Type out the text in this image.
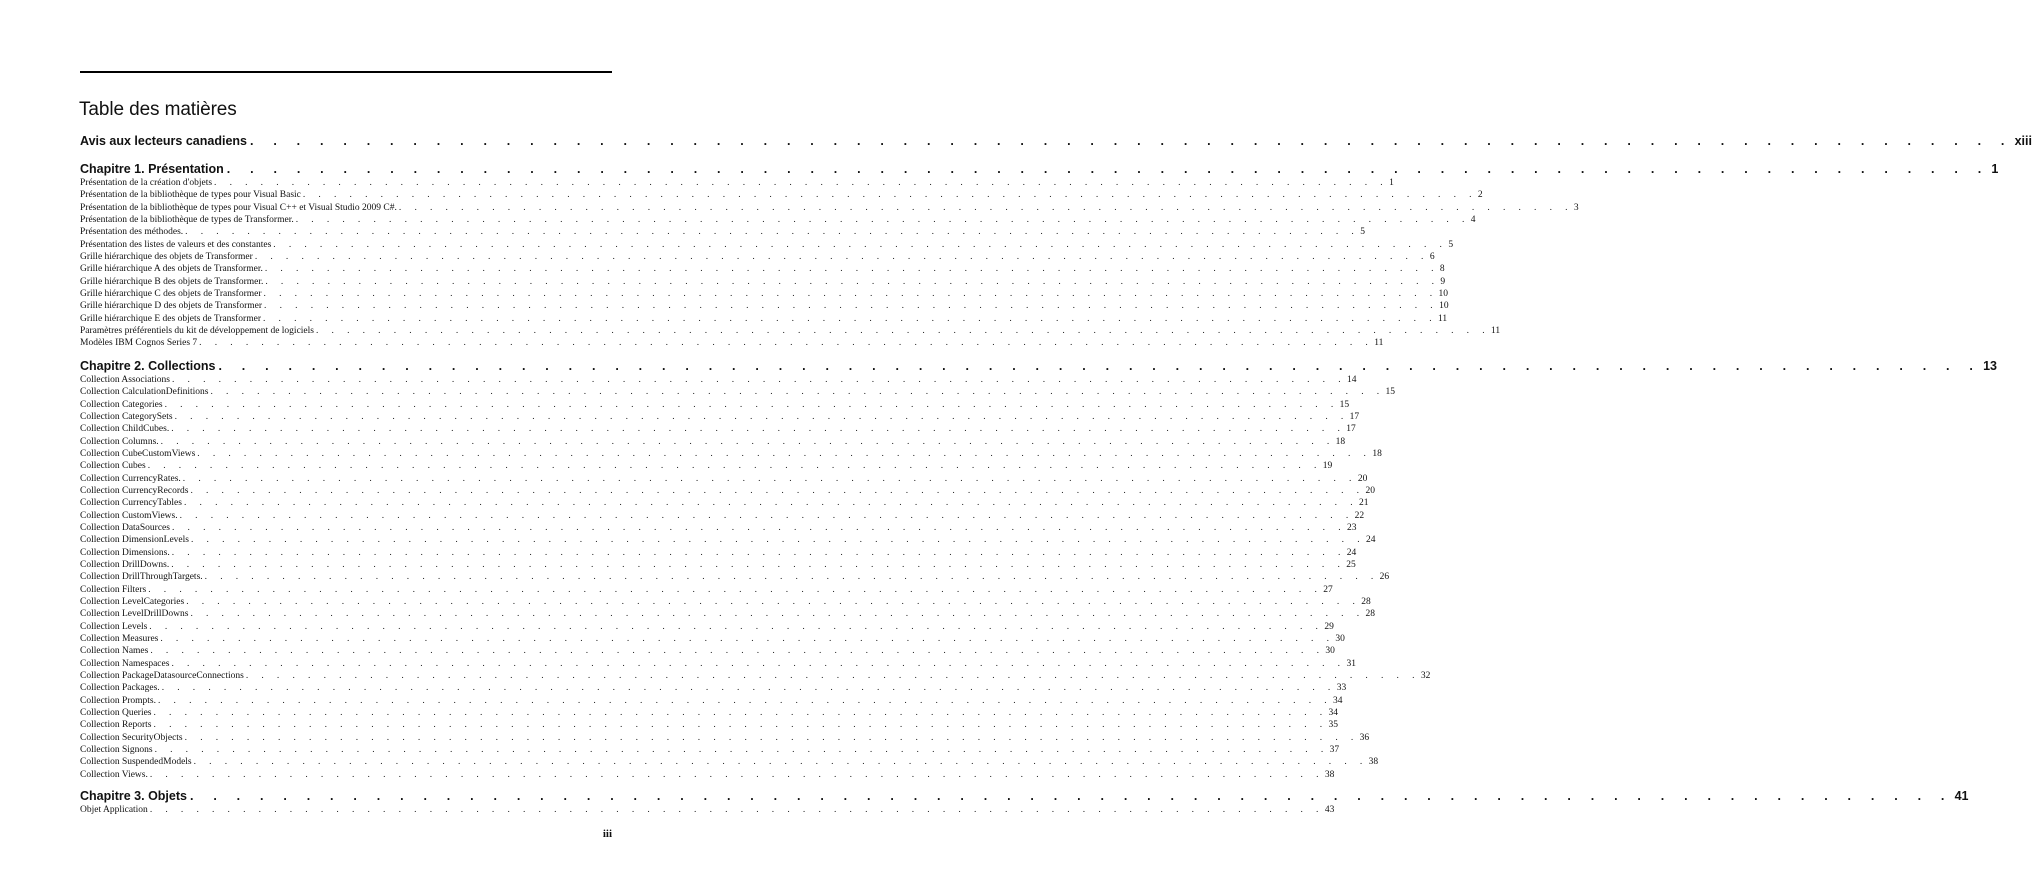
Table des matières
Avis aux lecteurs canadiens . . . . . . . . . . . . . . . . . . . . . . . . . . . . . . . . . . . . . . . . . . . . . . . . . . . . . . . . . . . . . . . . . . . . . . . . . . . . xiii
Chapitre 1. Présentation . . . . . . . . . . . . . . . . . . . . . . . . . . . . . . . . . . . . . . . . . . . . . . . . . . . . . . . . . . . . . . . . . . . . . . . . . . . . 1
Présentation de la création d'objets . . . . . . . . . . . . . . . . . . . . . . . . . . . . . . . . . . . . . . . . . . . . . . . . . . . . . . . . . . . . . . . . . . . . . . . . . . . . 1
Présentation de la bibliothèque de types pour Visual Basic . . . . . . . . . . . . . . . . . . . . . . . . . . . . . . . . . . . . . . . . . . . . . . . . . . . . . . . . . . . . . . . . . . . . . . . . . . . . 2
Présentation de la bibliothèque de types pour Visual C++ et Visual Studio 2009 C#. . . . . . . . . . . . . . . . . . . . . . . . . . . . . . . . . . . . . . . . . . . . . . . . . . . . . . . . . . . . . . . . . . . . . . . . . . . . . 3
Présentation de la bibliothèque de types de Transformer. . . . . . . . . . . . . . . . . . . . . . . . . . . . . . . . . . . . . . . . . . . . . . . . . . . . . . . . . . . . . . . . . . . . . . . . . . . . . 4
Présentation des méthodes. . . . . . . . . . . . . . . . . . . . . . . . . . . . . . . . . . . . . . . . . . . . . . . . . . . . . . . . . . . . . . . . . . . . . . . . . . . . . 5
Présentation des listes de valeurs et des constantes . . . . . . . . . . . . . . . . . . . . . . . . . . . . . . . . . . . . . . . . . . . . . . . . . . . . . . . . . . . . . . . . . . . . . . . . . . . . 5
Grille hiérarchique des objets de Transformer . . . . . . . . . . . . . . . . . . . . . . . . . . . . . . . . . . . . . . . . . . . . . . . . . . . . . . . . . . . . . . . . . . . . . . . . . . . . 6
Grille hiérarchique A des objets de Transformer. . . . . . . . . . . . . . . . . . . . . . . . . . . . . . . . . . . . . . . . . . . . . . . . . . . . . . . . . . . . . . . . . . . . . . . . . . . . . 8
Grille hiérarchique B des objets de Transformer. . . . . . . . . . . . . . . . . . . . . . . . . . . . . . . . . . . . . . . . . . . . . . . . . . . . . . . . . . . . . . . . . . . . . . . . . . . . . 9
Grille hiérarchique C des objets de Transformer . . . . . . . . . . . . . . . . . . . . . . . . . . . . . . . . . . . . . . . . . . . . . . . . . . . . . . . . . . . . . . . . . . . . . . . . . . . . 10
Grille hiérarchique D des objets de Transformer . . . . . . . . . . . . . . . . . . . . . . . . . . . . . . . . . . . . . . . . . . . . . . . . . . . . . . . . . . . . . . . . . . . . . . . . . . . . 10
Grille hiérarchique E des objets de Transformer . . . . . . . . . . . . . . . . . . . . . . . . . . . . . . . . . . . . . . . . . . . . . . . . . . . . . . . . . . . . . . . . . . . . . . . . . . . . 11
Paramètres préférentiels du kit de développement de logiciels . . . . . . . . . . . . . . . . . . . . . . . . . . . . . . . . . . . . . . . . . . . . . . . . . . . . . . . . . . . . . . . . . . . . . . . . . . . . 11
Modèles IBM Cognos Series 7 . . . . . . . . . . . . . . . . . . . . . . . . . . . . . . . . . . . . . . . . . . . . . . . . . . . . . . . . . . . . . . . . . . . . . . . . . . . . 11
Chapitre 2. Collections . . . . . . . . . . . . . . . . . . . . . . . . . . . . . . . . . . . . . . . . . . . . . . . . . . . . . . . . . . . . . . . . . . . . . . . . . . . . 13
Collection Associations . . . . . . . . . . . . . . . . . . . . . . . . . . . . . . . . . . . . . . . . . . . . . . . . . . . . . . . . . . . . . . . . . . . . . . . . . . . . 14
Collection CalculationDefinitions . . . . . . . . . . . . . . . . . . . . . . . . . . . . . . . . . . . . . . . . . . . . . . . . . . . . . . . . . . . . . . . . . . . . . . . . . . . . 15
Collection Categories . . . . . . . . . . . . . . . . . . . . . . . . . . . . . . . . . . . . . . . . . . . . . . . . . . . . . . . . . . . . . . . . . . . . . . . . . . . . 15
Collection CategorySets . . . . . . . . . . . . . . . . . . . . . . . . . . . . . . . . . . . . . . . . . . . . . . . . . . . . . . . . . . . . . . . . . . . . . . . . . . . . 17
Collection ChildCubes. . . . . . . . . . . . . . . . . . . . . . . . . . . . . . . . . . . . . . . . . . . . . . . . . . . . . . . . . . . . . . . . . . . . . . . . . . . . . 17
Collection Columns. . . . . . . . . . . . . . . . . . . . . . . . . . . . . . . . . . . . . . . . . . . . . . . . . . . . . . . . . . . . . . . . . . . . . . . . . . . . . 18
Collection CubeCustomViews . . . . . . . . . . . . . . . . . . . . . . . . . . . . . . . . . . . . . . . . . . . . . . . . . . . . . . . . . . . . . . . . . . . . . . . . . . . . 18
Collection Cubes . . . . . . . . . . . . . . . . . . . . . . . . . . . . . . . . . . . . . . . . . . . . . . . . . . . . . . . . . . . . . . . . . . . . . . . . . . . . 19
Collection CurrencyRates. . . . . . . . . . . . . . . . . . . . . . . . . . . . . . . . . . . . . . . . . . . . . . . . . . . . . . . . . . . . . . . . . . . . . . . . . . . . . 20
Collection CurrencyRecords . . . . . . . . . . . . . . . . . . . . . . . . . . . . . . . . . . . . . . . . . . . . . . . . . . . . . . . . . . . . . . . . . . . . . . . . . . . . 20
Collection CurrencyTables . . . . . . . . . . . . . . . . . . . . . . . . . . . . . . . . . . . . . . . . . . . . . . . . . . . . . . . . . . . . . . . . . . . . . . . . . . . . 21
Collection CustomViews. . . . . . . . . . . . . . . . . . . . . . . . . . . . . . . . . . . . . . . . . . . . . . . . . . . . . . . . . . . . . . . . . . . . . . . . . . . . . 22
Collection DataSources . . . . . . . . . . . . . . . . . . . . . . . . . . . . . . . . . . . . . . . . . . . . . . . . . . . . . . . . . . . . . . . . . . . . . . . . . . . . 23
Collection DimensionLevels . . . . . . . . . . . . . . . . . . . . . . . . . . . . . . . . . . . . . . . . . . . . . . . . . . . . . . . . . . . . . . . . . . . . . . . . . . . . 24
Collection Dimensions. . . . . . . . . . . . . . . . . . . . . . . . . . . . . . . . . . . . . . . . . . . . . . . . . . . . . . . . . . . . . . . . . . . . . . . . . . . . . 24
Collection DrillDowns. . . . . . . . . . . . . . . . . . . . . . . . . . . . . . . . . . . . . . . . . . . . . . . . . . . . . . . . . . . . . . . . . . . . . . . . . . . . . 25
Collection DrillThroughTargets. . . . . . . . . . . . . . . . . . . . . . . . . . . . . . . . . . . . . . . . . . . . . . . . . . . . . . . . . . . . . . . . . . . . . . . . . . . . . 26
Collection Filters . . . . . . . . . . . . . . . . . . . . . . . . . . . . . . . . . . . . . . . . . . . . . . . . . . . . . . . . . . . . . . . . . . . . . . . . . . . . 27
Collection LevelCategories . . . . . . . . . . . . . . . . . . . . . . . . . . . . . . . . . . . . . . . . . . . . . . . . . . . . . . . . . . . . . . . . . . . . . . . . . . . . 28
Collection LevelDrillDowns . . . . . . . . . . . . . . . . . . . . . . . . . . . . . . . . . . . . . . . . . . . . . . . . . . . . . . . . . . . . . . . . . . . . . . . . . . . . 28
Collection Levels . . . . . . . . . . . . . . . . . . . . . . . . . . . . . . . . . . . . . . . . . . . . . . . . . . . . . . . . . . . . . . . . . . . . . . . . . . . . 29
Collection Measures . . . . . . . . . . . . . . . . . . . . . . . . . . . . . . . . . . . . . . . . . . . . . . . . . . . . . . . . . . . . . . . . . . . . . . . . . . . . 30
Collection Names . . . . . . . . . . . . . . . . . . . . . . . . . . . . . . . . . . . . . . . . . . . . . . . . . . . . . . . . . . . . . . . . . . . . . . . . . . . . 30
Collection Namespaces . . . . . . . . . . . . . . . . . . . . . . . . . . . . . . . . . . . . . . . . . . . . . . . . . . . . . . . . . . . . . . . . . . . . . . . . . . . . 31
Collection PackageDatasourceConnections . . . . . . . . . . . . . . . . . . . . . . . . . . . . . . . . . . . . . . . . . . . . . . . . . . . . . . . . . . . . . . . . . . . . . . . . . . . . 32
Collection Packages. . . . . . . . . . . . . . . . . . . . . . . . . . . . . . . . . . . . . . . . . . . . . . . . . . . . . . . . . . . . . . . . . . . . . . . . . . . . . 33
Collection Prompts. . . . . . . . . . . . . . . . . . . . . . . . . . . . . . . . . . . . . . . . . . . . . . . . . . . . . . . . . . . . . . . . . . . . . . . . . . . . . 34
Collection Queries . . . . . . . . . . . . . . . . . . . . . . . . . . . . . . . . . . . . . . . . . . . . . . . . . . . . . . . . . . . . . . . . . . . . . . . . . . . . 34
Collection Reports . . . . . . . . . . . . . . . . . . . . . . . . . . . . . . . . . . . . . . . . . . . . . . . . . . . . . . . . . . . . . . . . . . . . . . . . . . . . 35
Collection SecurityObjects . . . . . . . . . . . . . . . . . . . . . . . . . . . . . . . . . . . . . . . . . . . . . . . . . . . . . . . . . . . . . . . . . . . . . . . . . . . . 36
Collection Signons . . . . . . . . . . . . . . . . . . . . . . . . . . . . . . . . . . . . . . . . . . . . . . . . . . . . . . . . . . . . . . . . . . . . . . . . . . . . 37
Collection SuspendedModels . . . . . . . . . . . . . . . . . . . . . . . . . . . . . . . . . . . . . . . . . . . . . . . . . . . . . . . . . . . . . . . . . . . . . . . . . . . . 38
Collection Views. . . . . . . . . . . . . . . . . . . . . . . . . . . . . . . . . . . . . . . . . . . . . . . . . . . . . . . . . . . . . . . . . . . . . . . . . . . . . 38
Chapitre 3. Objets . . . . . . . . . . . . . . . . . . . . . . . . . . . . . . . . . . . . . . . . . . . . . . . . . . . . . . . . . . . . . . . . . . . . . . . . . . . . 41
Objet Application . . . . . . . . . . . . . . . . . . . . . . . . . . . . . . . . . . . . . . . . . . . . . . . . . . . . . . . . . . . . . . . . . . . . . . . . . . . . 43
iii
